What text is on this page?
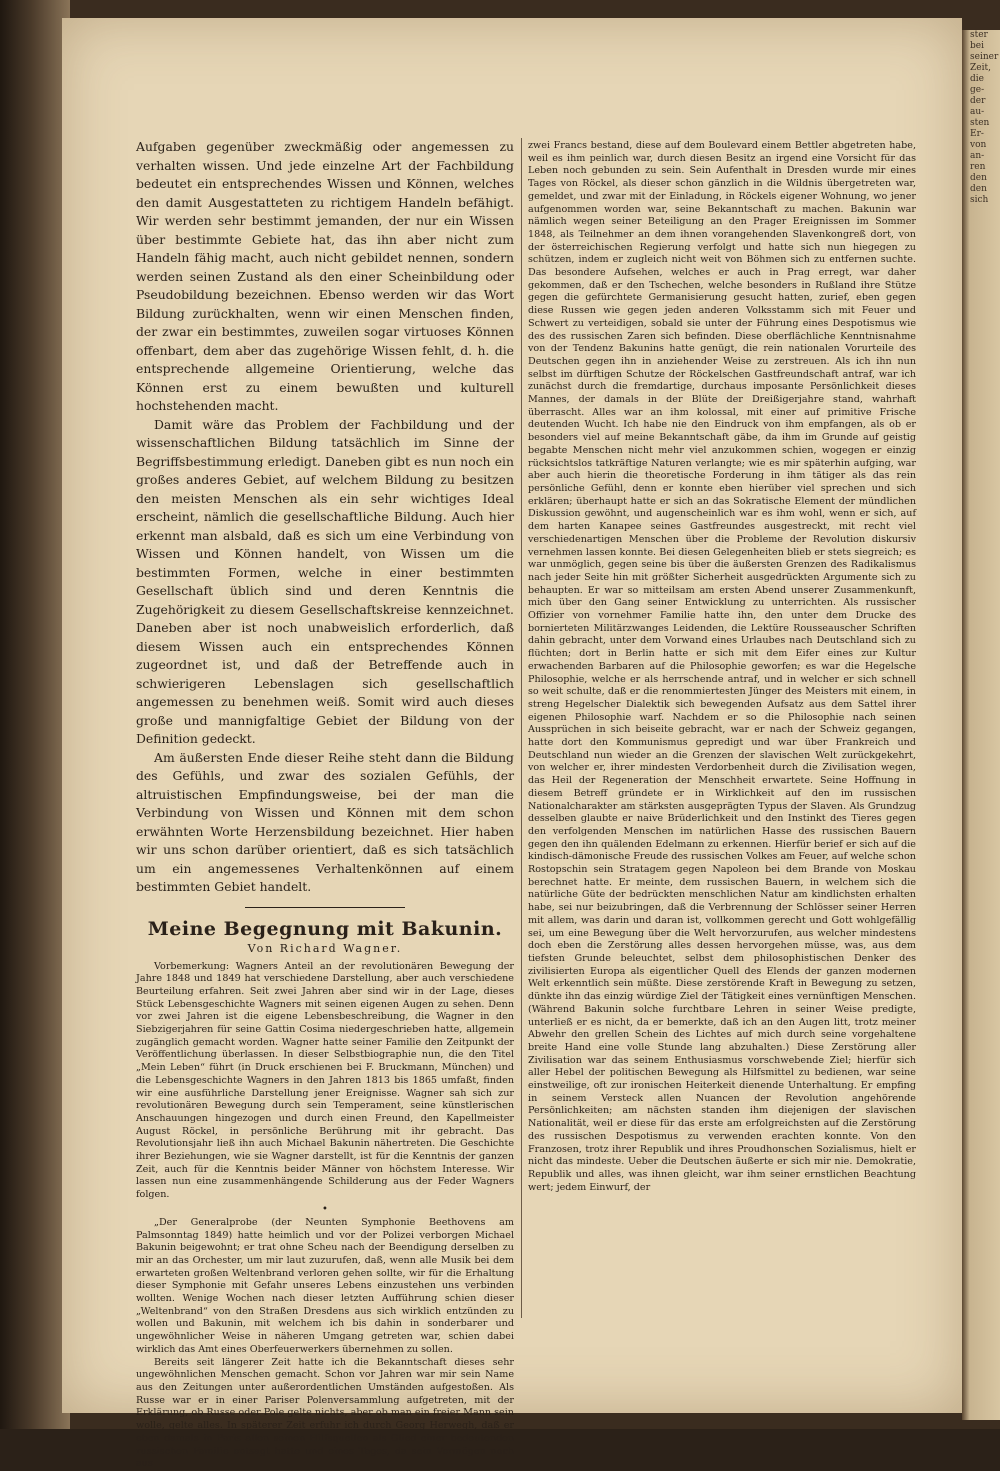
ster bei seiner Zeit, die ge- der au- sten Er- von an- ren den den sich

Aufgaben gegenüber zweckmäßig oder angemessen zu verhalten wissen. Und jede einzelne Art der Fachbildung bedeutet ein entsprechendes Wissen und Können, welches den damit Ausgestatteten zu richtigem Handeln befähigt. Wir werden sehr bestimmt jemanden, der nur ein Wissen über bestimmte Gebiete hat, das ihn aber nicht zum Handeln fähig macht, auch nicht gebildet nennen, sondern werden seinen Zustand als den einer Scheinbildung oder Pseudobildung bezeichnen. Ebenso werden wir das Wort Bildung zurückhalten, wenn wir einen Menschen finden, der zwar ein bestimmtes, zuweilen sogar virtuoses Können offenbart, dem aber das zugehörige Wissen fehlt, d. h. die entsprechende allgemeine Orientierung, welche das Können erst zu einem bewußten und kulturell hochstehenden macht.

Damit wäre das Problem der Fachbildung und der wissenschaftlichen Bildung tatsächlich im Sinne der Begriffsbestimmung erledigt. Daneben gibt es nun noch ein großes anderes Gebiet, auf welchem Bildung zu besitzen den meisten Menschen als ein sehr wichtiges Ideal erscheint, nämlich die gesellschaftliche Bildung. Auch hier erkennt man alsbald, daß es sich um eine Verbindung von Wissen und Können handelt, von Wissen um die bestimmten Formen, welche in einer bestimmten Gesellschaft üblich sind und deren Kenntnis die Zugehörigkeit zu diesem Gesellschaftskreise kennzeichnet. Daneben aber ist noch unabweislich erforderlich, daß diesem Wissen auch ein entsprechendes Können zugeordnet ist, und daß der Betreffende auch in schwierigeren Lebenslagen sich gesellschaftlich angemessen zu benehmen weiß. Somit wird auch dieses große und mannigfaltige Gebiet der Bildung von der Definition gedeckt.

Am äußersten Ende dieser Reihe steht dann die Bildung des Gefühls, und zwar des sozialen Gefühls, der altruistischen Empfindungsweise, bei der man die Verbindung von Wissen und Können mit dem schon erwähnten Worte Herzensbildung bezeichnet. Hier haben wir uns schon darüber orientiert, daß es sich tatsächlich um ein angemessenes Verhaltenkönnen auf einem bestimmten Gebiet handelt.

Meine Begegnung mit Bakunin.
Von Richard Wagner.

Vorbemerkung: Wagners Anteil an der revolutionären Bewegung der Jahre 1848 und 1849 hat verschiedene Darstellung, aber auch verschiedene Beurteilung erfahren. Seit zwei Jahren aber sind wir in der Lage, dieses Stück Lebensgeschichte Wagners mit seinen eigenen Augen zu sehen. Denn vor zwei Jahren ist die eigene Lebensbeschreibung, die Wagner in den Siebzigerjahren für seine Gattin Cosima niedergeschrieben hatte, allgemein zugänglich gemacht worden. Wagner hatte seiner Familie den Zeitpunkt der Veröffentlichung überlassen. In dieser Selbstbiographie nun, die den Titel „Mein Leben“ führt (in Druck erschienen bei F. Bruckmann, München) und die Lebensgeschichte Wagners in den Jahren 1813 bis 1865 umfaßt, finden wir eine ausführliche Darstellung jener Ereignisse. Wagner sah sich zur revolutionären Bewegung durch sein Temperament, seine künstlerischen Anschauungen hingezogen und durch einen Freund, den Kapellmeister August Röckel, in persönliche Berührung mit ihr gebracht. Das Revolutionsjahr ließ ihn auch Michael Bakunin nähertreten. Die Geschichte ihrer Beziehungen, wie sie Wagner darstellt, ist für die Kenntnis der ganzen Zeit, auch für die Kenntnis beider Männer von höchstem Interesse. Wir lassen nun eine zusammenhängende Schilderung aus der Feder Wagners folgen.

•

„Der Generalprobe (der Neunten Symphonie Beethovens am Palmsonntag 1849) hatte heimlich und vor der Polizei verborgen Michael Bakunin beigewohnt; er trat ohne Scheu nach der Beendigung derselben zu mir an das Orchester, um mir laut zuzurufen, daß, wenn alle Musik bei dem erwarteten großen Weltenbrand verloren gehen sollte, wir für die Erhaltung dieser Symphonie mit Gefahr unseres Lebens einzustehen uns verbinden wollten. Wenige Wochen nach dieser letzten Aufführung schien dieser „Weltenbrand“ von den Straßen Dresdens aus sich wirklich entzünden zu wollen und Bakunin, mit welchem ich bis dahin in sonderbarer und ungewöhnlicher Weise in näheren Umgang getreten war, schien dabei wirklich das Amt eines Oberfeuerwerkers übernehmen zu sollen.

Bereits seit längerer Zeit hatte ich die Bekanntschaft dieses sehr ungewöhnlichen Menschen gemacht. Schon vor Jahren war mir sein Name aus den Zeitungen unter außerordentlichen Umständen aufgestoßen. Als Russe war er in einer Pariser Polenversammlung aufgetreten, mit der Erklärung, ob Russe oder Pole gelte nichts, aber ob man ein freier Mann sein wolle, gelte alles. In späterer Zeit erfuhr ich durch Georg Herwegh, daß er eben damals in Paris allen seinen Hilfsquellen als Glied einer bedeutenden russischen Familie entsagt hatte und eines Tages, da sein Vermögen noch aus

zwei Francs bestand, diese auf dem Boulevard einem Bettler abgetreten habe, weil es ihm peinlich war, durch diesen Besitz an irgend eine Vorsicht für das Leben noch gebunden zu sein. Sein Aufenthalt in Dresden wurde mir eines Tages von Röckel, als dieser schon gänzlich in die Wildnis übergetreten war, gemeldet, und zwar mit der Einladung, in Röckels eigener Wohnung, wo jener aufgenommen worden war, seine Bekanntschaft zu machen. Bakunin war nämlich wegen seiner Beteiligung an den Prager Ereignissen im Sommer 1848, als Teilnehmer an dem ihnen vorangehenden Slavenkongreß dort, von der österreichischen Regierung verfolgt und hatte sich nun hiegegen zu schützen, indem er zugleich nicht weit von Böhmen sich zu entfernen suchte. Das besondere Aufsehen, welches er auch in Prag erregt, war daher gekommen, daß er den Tschechen, welche besonders in Rußland ihre Stütze gegen die gefürchtete Germanisierung gesucht hatten, zurief, eben gegen diese Russen wie gegen jeden anderen Volksstamm sich mit Feuer und Schwert zu verteidigen, sobald sie unter der Führung eines Despotismus wie des des russischen Zaren sich befinden. Diese oberflächliche Kenntnisnahme von der Tendenz Bakunins hatte genügt, die rein nationalen Vorurteile des Deutschen gegen ihn in anziehender Weise zu zerstreuen. Als ich ihn nun selbst im dürftigen Schutze der Röckelschen Gastfreundschaft antraf, war ich zunächst durch die fremdartige, durchaus imposante Persönlichkeit dieses Mannes, der damals in der Blüte der Dreißigerjahre stand, wahrhaft überrascht. Alles war an ihm kolossal, mit einer auf primitive Frische deutenden Wucht. Ich habe nie den Eindruck von ihm empfangen, als ob er besonders viel auf meine Bekanntschaft gäbe, da ihm im Grunde auf geistig begabte Menschen nicht mehr viel anzukommen schien, wogegen er einzig rücksichtslos tatkräftige Naturen verlangte; wie es mir späterhin aufging, war aber auch hierin die theoretische Forderung in ihm tätiger als das rein persönliche Gefühl, denn er konnte eben hierüber viel sprechen und sich erklären; überhaupt hatte er sich an das Sokratische Element der mündlichen Diskussion gewöhnt, und augenscheinlich war es ihm wohl, wenn er sich, auf dem harten Kanapee seines Gastfreundes ausgestreckt, mit recht viel verschiedenartigen Menschen über die Probleme der Revolution diskursiv vernehmen lassen konnte. Bei diesen Gelegenheiten blieb er stets siegreich; es war unmöglich, gegen seine bis über die äußersten Grenzen des Radikalismus nach jeder Seite hin mit größter Sicherheit ausgedrückten Argumente sich zu behaupten. Er war so mitteilsam am ersten Abend unserer Zusammenkunft, mich über den Gang seiner Entwicklung zu unterrichten. Als russischer Offizier von vornehmer Familie hatte ihn, den unter dem Drucke des bornierteten Militärzwanges Leidenden, die Lektüre Rousseauscher Schriften dahin gebracht, unter dem Vorwand eines Urlaubes nach Deutschland sich zu flüchten; dort in Berlin hatte er sich mit dem Eifer eines zur Kultur erwachenden Barbaren auf die Philosophie geworfen; es war die Hegelsche Philosophie, welche er als herrschende antraf, und in welcher er sich schnell so weit schulte, daß er die renommiertesten Jünger des Meisters mit einem, in streng Hegelscher Dialektik sich bewegenden Aufsatz aus dem Sattel ihrer eigenen Philosophie warf. Nachdem er so die Philosophie nach seinen Aussprüchen in sich beiseite gebracht, war er nach der Schweiz gegangen, hatte dort den Kommunismus gepredigt und war über Frankreich und Deutschland nun wieder an die Grenzen der slavischen Welt zurückgekehrt, von welcher er, ihrer mindesten Verdorbenheit durch die Zivilisation wegen, das Heil der Regeneration der Menschheit erwartete. Seine Hoffnung in diesem Betreff gründete er in Wirklichkeit auf den im russischen Nationalcharakter am stärksten ausgeprägten Typus der Slaven. Als Grundzug desselben glaubte er naive Brüderlichkeit und den Instinkt des Tieres gegen den verfolgenden Menschen im natürlichen Hasse des russischen Bauern gegen den ihn quälenden Edelmann zu erkennen. Hierfür berief er sich auf die kindisch-dämonische Freude des russischen Volkes am Feuer, auf welche schon Rostopschin sein Stratagem gegen Napoleon bei dem Brande von Moskau berechnet hatte. Er meinte, dem russischen Bauern, in welchem sich die natürliche Güte der bedrückten menschlichen Natur am kindlichsten erhalten habe, sei nur beizubringen, daß die Verbrennung der Schlösser seiner Herren mit allem, was darin und daran ist, vollkommen gerecht und Gott wohlgefällig sei, um eine Bewegung über die Welt hervorzurufen, aus welcher mindestens doch eben die Zerstörung alles dessen hervorgehen müsse, was, aus dem tiefsten Grunde beleuchtet, selbst dem philosophistischen Denker des zivilisierten Europa als eigentlicher Quell des Elends der ganzen modernen Welt erkenntlich sein müßte. Diese zerstörende Kraft in Bewegung zu setzen, dünkte ihn das einzig würdige Ziel der Tätigkeit eines vernünftigen Menschen. (Während Bakunin solche furchtbare Lehren in seiner Weise predigte, unterließ er es nicht, da er bemerkte, daß ich an den Augen litt, trotz meiner Abwehr den grellen Schein des Lichtes auf mich durch seine vorgehaltene breite Hand eine volle Stunde lang abzuhalten.) Diese Zerstörung aller Zivilisation war das seinem Enthusiasmus vorschwebende Ziel; hierfür sich aller Hebel der politischen Bewegung als Hilfsmittel zu bedienen, war seine einstweilige, oft zur ironischen Heiterkeit dienende Unterhaltung. Er empfing in seinem Versteck allen Nuancen der Revolution angehörende Persönlichkeiten; am nächsten standen ihm diejenigen der slavischen Nationalität, weil er diese für das erste am erfolgreichsten auf die Zerstörung des russischen Despotismus zu verwenden erachten konnte. Von den Franzosen, trotz ihrer Republik und ihres Proudhonschen Sozialismus, hielt er nicht das mindeste. Ueber die Deutschen äußerte er sich mir nie. Demokratie, Republik und alles, was ihnen gleicht, war ihm seiner ernstlichen Beachtung wert; jedem Einwurf, der
